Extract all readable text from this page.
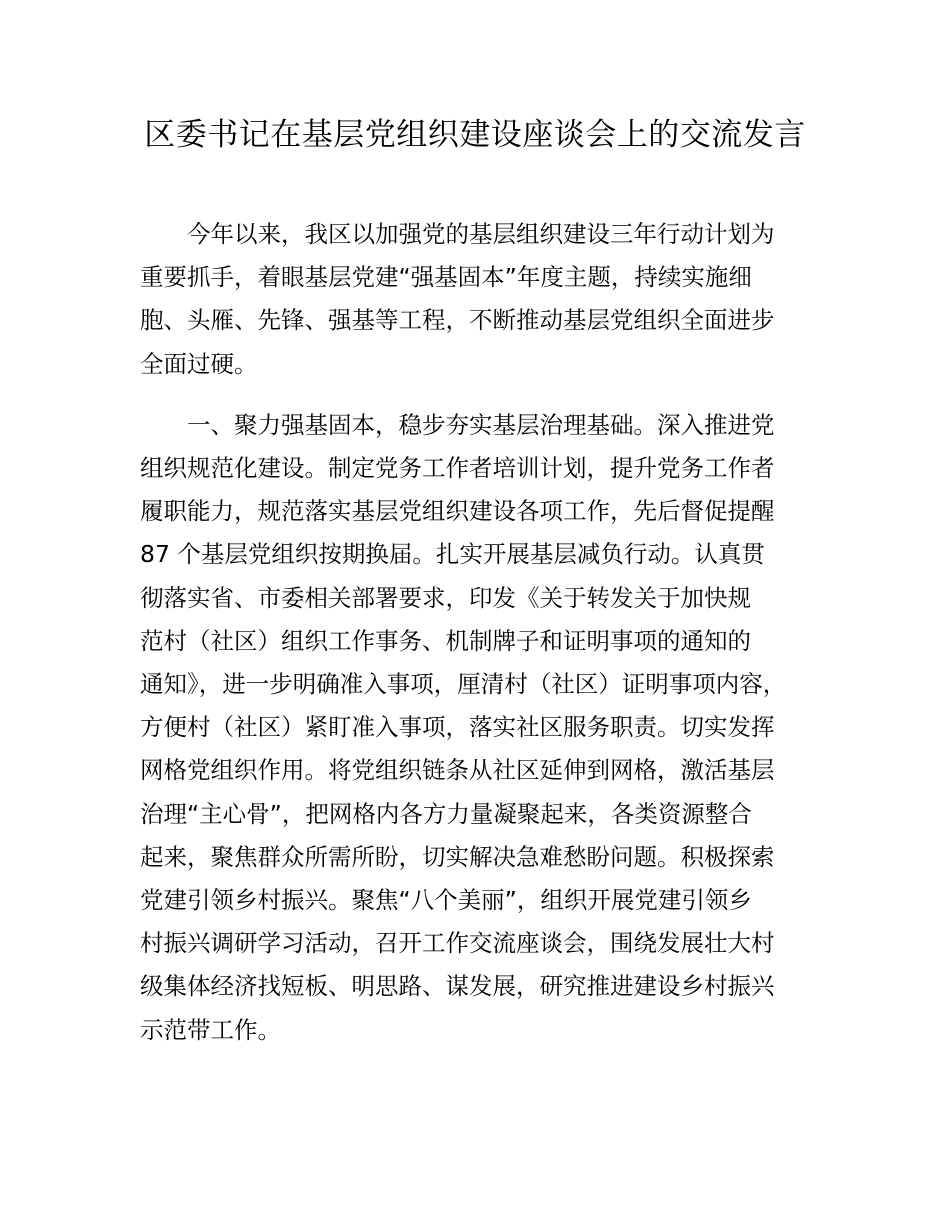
区委书记在基层党组织建设座谈会上的交流发言

今年以来，我区以加强党的基层组织建设三年行动计划为
重要抓手，着眼基层党建“强基固本”年度主题，持续实施细
胞、头雁、先锋、强基等工程，不断推动基层党组织全面进步
全面过硬。

一、聚力强基固本，稳步夯实基层治理基础。深入推进党
组织规范化建设。制定党务工作者培训计划，提升党务工作者
履职能力，规范落实基层党组织建设各项工作，先后督促提醒
87 个基层党组织按期换届。扎实开展基层减负行动。认真贯
彻落实省、市委相关部署要求，印发《关于转发关于加快规
范村（社区）组织工作事务、机制牌子和证明事项的通知的
通知》，进一步明确准入事项，厘清村（社区）证明事项内容，
方便村（社区）紧盯准入事项，落实社区服务职责。切实发挥
网格党组织作用。将党组织链条从社区延伸到网格，激活基层
治理“主心骨”，把网格内各方力量凝聚起来，各类资源整合
起来，聚焦群众所需所盼，切实解决急难愁盼问题。积极探索
党建引领乡村振兴。聚焦“八个美丽”，组织开展党建引领乡
村振兴调研学习活动，召开工作交流座谈会，围绕发展壮大村
级集体经济找短板、明思路、谋发展，研究推进建设乡村振兴
示范带工作。
